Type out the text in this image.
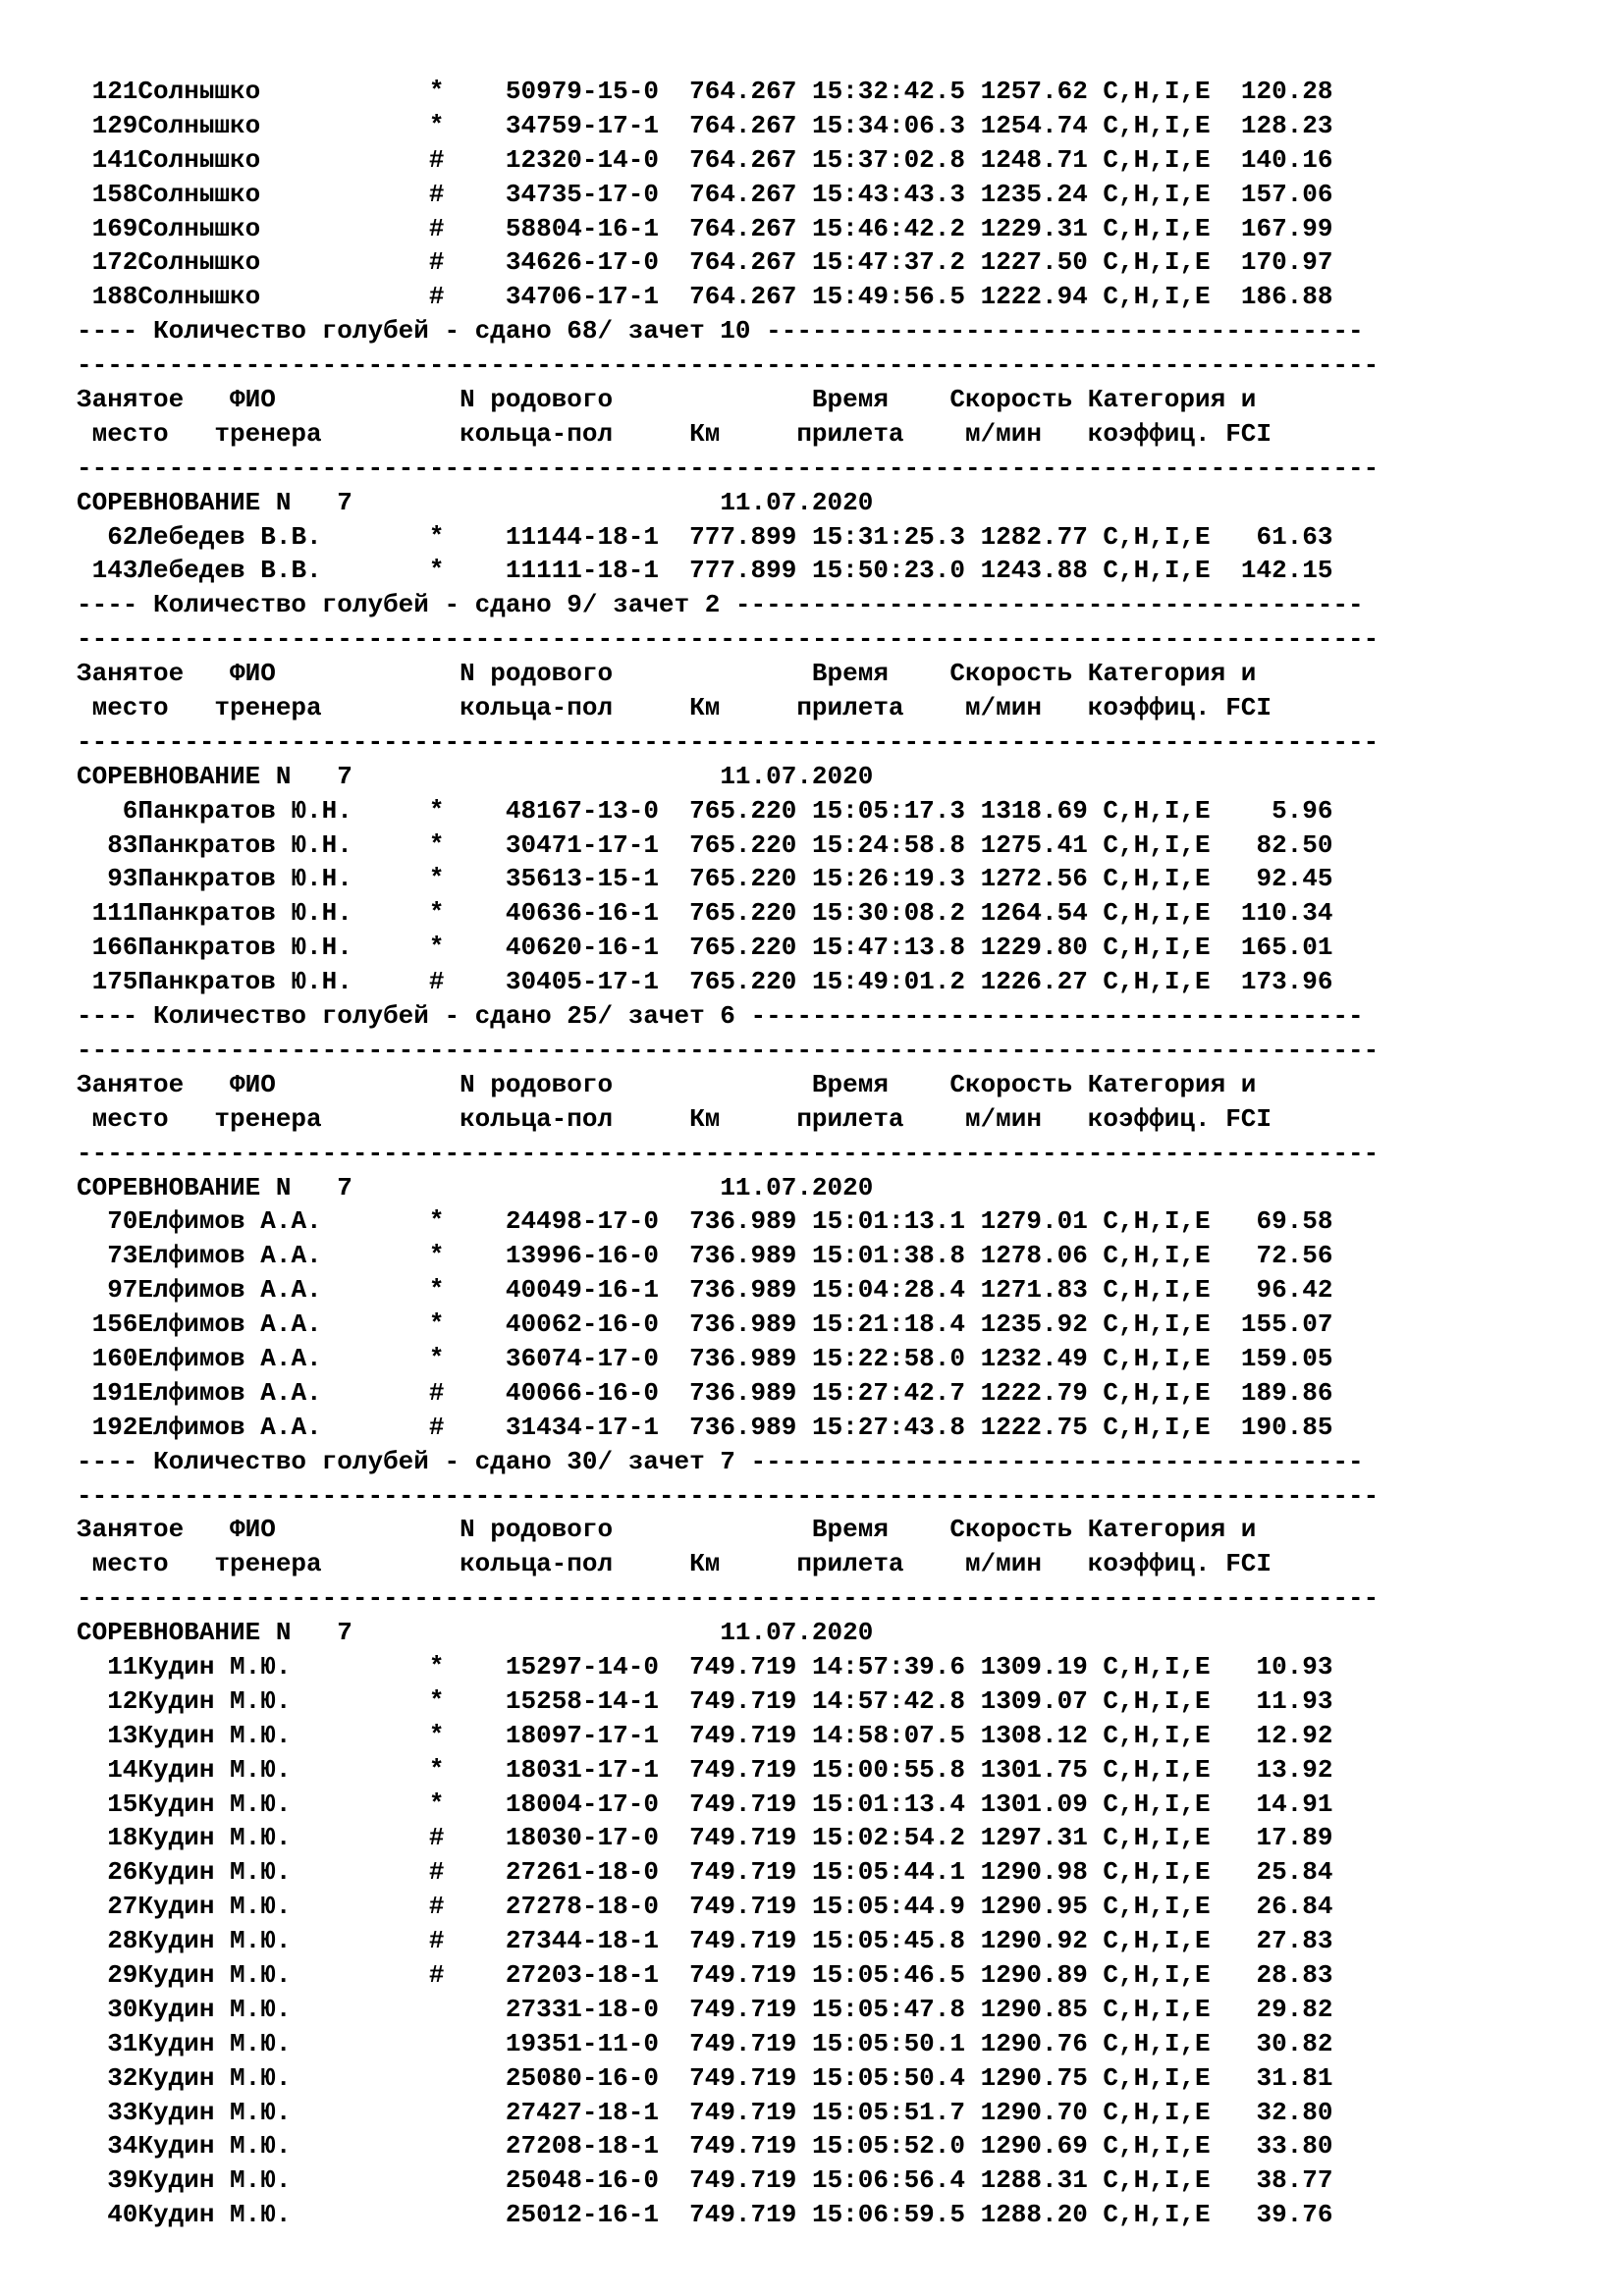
121Солнышко           *    50979-15-0  764.267 15:32:42.5 1257.62 C,H,I,E  120.28
129Солнышко           *    34759-17-1  764.267 15:34:06.3 1254.74 C,H,I,E  128.23
141Солнышко           #    12320-14-0  764.267 15:37:02.8 1248.71 C,H,I,E  140.16
158Солнышко           #    34735-17-0  764.267 15:43:43.3 1235.24 C,H,I,E  157.06
169Солнышко           #    58804-16-1  764.267 15:46:42.2 1229.31 C,H,I,E  167.99
172Солнышко           #    34626-17-0  764.267 15:47:37.2 1227.50 C,H,I,E  170.97
188Солнышко           #    34706-17-1  764.267 15:49:56.5 1222.94 C,H,I,E  186.88
---- Количество голубей - сдано 68/ зачет 10 ---------------------------------------
-------------------------------------------------------------------------------------
Занятое   ФИО            N родового             Время    Скорость Категория и
место   тренера         кольца-пол     Км     прилета    м/мин   коэффиц. FCI
-------------------------------------------------------------------------------------
СОРЕВНОВАНИЕ N   7                        11.07.2020
62Лебедев В.В.       *    11144-18-1  777.899 15:31:25.3 1282.77 C,H,I,E   61.63
143Лебедев В.В.       *    11111-18-1  777.899 15:50:23.0 1243.88 C,H,I,E  142.15
---- Количество голубей - сдано 9/ зачет 2 -----------------------------------------
-------------------------------------------------------------------------------------
Занятое   ФИО            N родового             Время    Скорость Категория и
место   тренера         кольца-пол     Км     прилета    м/мин   коэффиц. FCI
-------------------------------------------------------------------------------------
СОРЕВНОВАНИЕ N   7                        11.07.2020
6Панкратов Ю.Н.     *    48167-13-0  765.220 15:05:17.3 1318.69 C,H,I,E    5.96
83Панкратов Ю.Н.     *    30471-17-1  765.220 15:24:58.8 1275.41 C,H,I,E   82.50
93Панкратов Ю.Н.     *    35613-15-1  765.220 15:26:19.3 1272.56 C,H,I,E   92.45
111Панкратов Ю.Н.     *    40636-16-1  765.220 15:30:08.2 1264.54 C,H,I,E  110.34
166Панкратов Ю.Н.     *    40620-16-1  765.220 15:47:13.8 1229.80 C,H,I,E  165.01
175Панкратов Ю.Н.     #    30405-17-1  765.220 15:49:01.2 1226.27 C,H,I,E  173.96
---- Количество голубей - сдано 25/ зачет 6 ----------------------------------------
-------------------------------------------------------------------------------------
Занятое   ФИО            N родового             Время    Скорость Категория и
место   тренера         кольца-пол     Км     прилета    м/мин   коэффиц. FCI
-------------------------------------------------------------------------------------
СОРЕВНОВАНИЕ N   7                        11.07.2020
70Елфимов А.А.       *    24498-17-0  736.989 15:01:13.1 1279.01 C,H,I,E   69.58
73Елфимов А.А.       *    13996-16-0  736.989 15:01:38.8 1278.06 C,H,I,E   72.56
97Елфимов А.А.       *    40049-16-1  736.989 15:04:28.4 1271.83 C,H,I,E   96.42
156Елфимов А.А.       *    40062-16-0  736.989 15:21:18.4 1235.92 C,H,I,E  155.07
160Елфимов А.А.       *    36074-17-0  736.989 15:22:58.0 1232.49 C,H,I,E  159.05
191Елфимов А.А.       #    40066-16-0  736.989 15:27:42.7 1222.79 C,H,I,E  189.86
192Елфимов А.А.       #    31434-17-1  736.989 15:27:43.8 1222.75 C,H,I,E  190.85
---- Количество голубей - сдано 30/ зачет 7 ----------------------------------------
-------------------------------------------------------------------------------------
Занятое   ФИО            N родового             Время    Скорость Категория и
место   тренера         кольца-пол     Км     прилета    м/мин   коэффиц. FCI
-------------------------------------------------------------------------------------
СОРЕВНОВАНИЕ N   7                        11.07.2020
11Кудин М.Ю.         *    15297-14-0  749.719 14:57:39.6 1309.19 C,H,I,E   10.93
12Кудин М.Ю.         *    15258-14-1  749.719 14:57:42.8 1309.07 C,H,I,E   11.93
13Кудин М.Ю.         *    18097-17-1  749.719 14:58:07.5 1308.12 C,H,I,E   12.92
14Кудин М.Ю.         *    18031-17-1  749.719 15:00:55.8 1301.75 C,H,I,E   13.92
15Кудин М.Ю.         *    18004-17-0  749.719 15:01:13.4 1301.09 C,H,I,E   14.91
18Кудин М.Ю.         #    18030-17-0  749.719 15:02:54.2 1297.31 C,H,I,E   17.89
26Кудин М.Ю.         #    27261-18-0  749.719 15:05:44.1 1290.98 C,H,I,E   25.84
27Кудин М.Ю.         #    27278-18-0  749.719 15:05:44.9 1290.95 C,H,I,E   26.84
28Кудин М.Ю.         #    27344-18-1  749.719 15:05:45.8 1290.92 C,H,I,E   27.83
29Кудин М.Ю.         #    27203-18-1  749.719 15:05:46.5 1290.89 C,H,I,E   28.83
30Кудин М.Ю.	27331-18-0  749.719 15:05:47.8 1290.85 C,H,I,E   29.82
31Кудин М.Ю.	19351-11-0  749.719 15:05:50.1 1290.76 C,H,I,E   30.82
32Кудин М.Ю.	25080-16-0  749.719 15:05:50.4 1290.75 C,H,I,E   31.81
33Кудин М.Ю.	27427-18-1  749.719 15:05:51.7 1290.70 C,H,I,E   32.80
34Кудин М.Ю.	27208-18-1  749.719 15:05:52.0 1290.69 C,H,I,E   33.80
39Кудин М.Ю.	25048-16-0  749.719 15:06:56.4 1288.31 C,H,I,E   38.77
40Кудин М.Ю.	25012-16-1  749.719 15:06:59.5 1288.20 C,H,I,E   39.76
